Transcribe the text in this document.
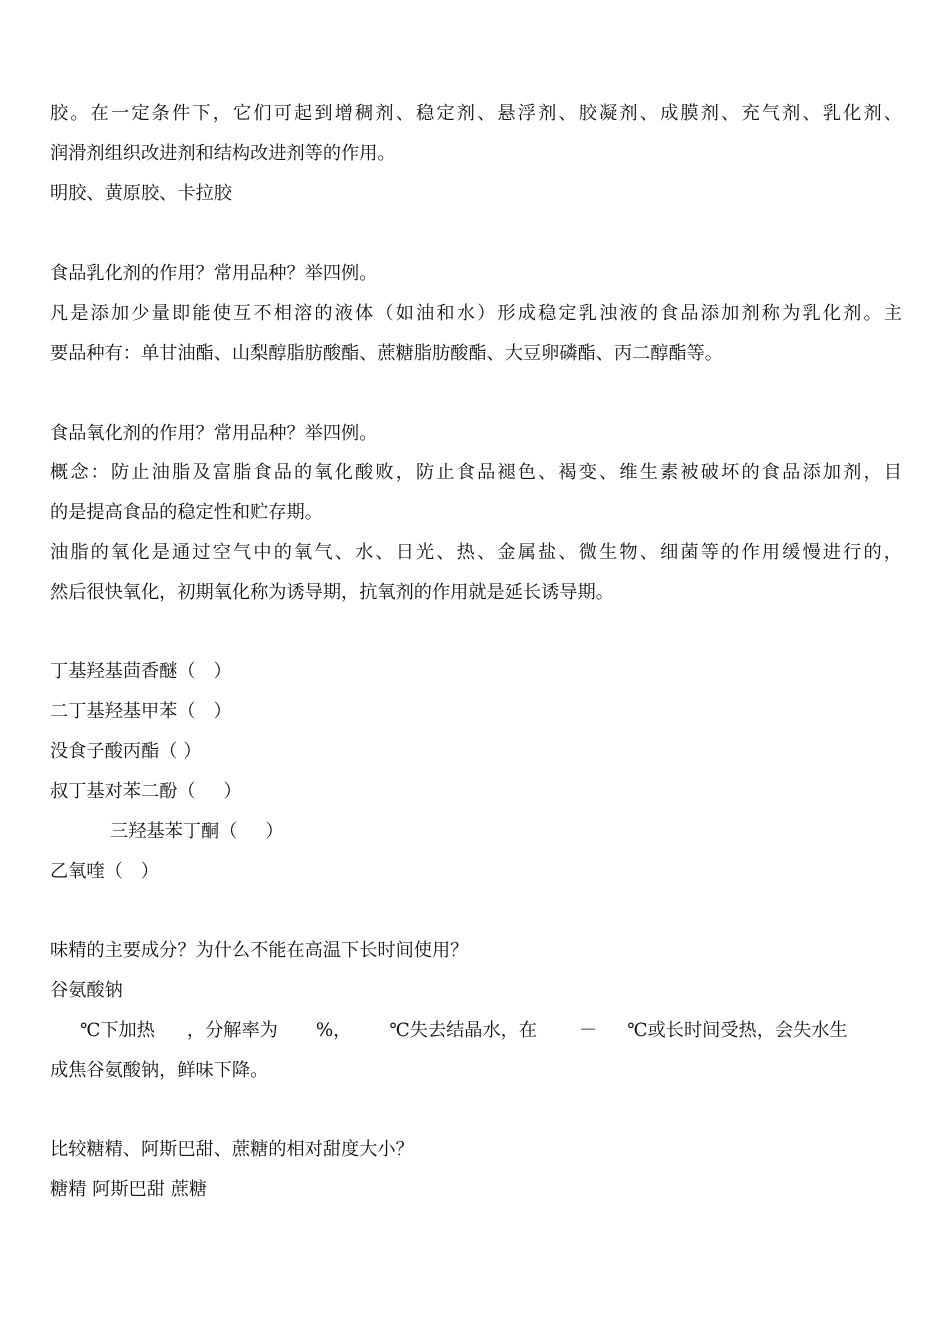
胶。在一定条件下，它们可起到增稠剂、稳定剂、悬浮剂、胶凝剂、成膜剂、充气剂、乳化剂、
润滑剂组织改进剂和结构改进剂等的作用。
明胶、黄原胶、卡拉胶
食品乳化剂的作用？常用品种？举四例。
凡是添加少量即能使互不相溶的液体（如油和水）形成稳定乳浊液的食品添加剂称为乳化剂。主
要品种有：单甘油酯、山梨醇脂肪酸酯、蔗糖脂肪酸酯、大豆卵磷酯、丙二醇酯等。
食品氧化剂的作用？常用品种？举四例。
概念：防止油脂及富脂食品的氧化酸败，防止食品褪色、褐变、维生素被破坏的食品添加剂，目
的是提高食品的稳定性和贮存期。
油脂的氧化是通过空气中的氧气、水、日光、热、金属盐、微生物、细菌等的作用缓慢进行的，
然后很快氧化，初期氧化称为诱导期，抗氧剂的作用就是延长诱导期。
丁基羟基茴香醚（ ）
二丁基羟基甲苯（ ）
没食子酸丙酯（ ）
叔丁基对苯二酚（ ）
三羟基苯丁酮（ ）
乙氧喹（ ）
味精的主要成分？为什么不能在高温下长时间使用？
谷氨酸钠
℃下加热 ，分解率为 %， ℃失去结晶水，在 － ℃或长时间受热，会失水生
成焦谷氨酸钠，鲜味下降。
比较糖精、阿斯巴甜、蔗糖的相对甜度大小？
糖精 阿斯巴甜 蔗糖
